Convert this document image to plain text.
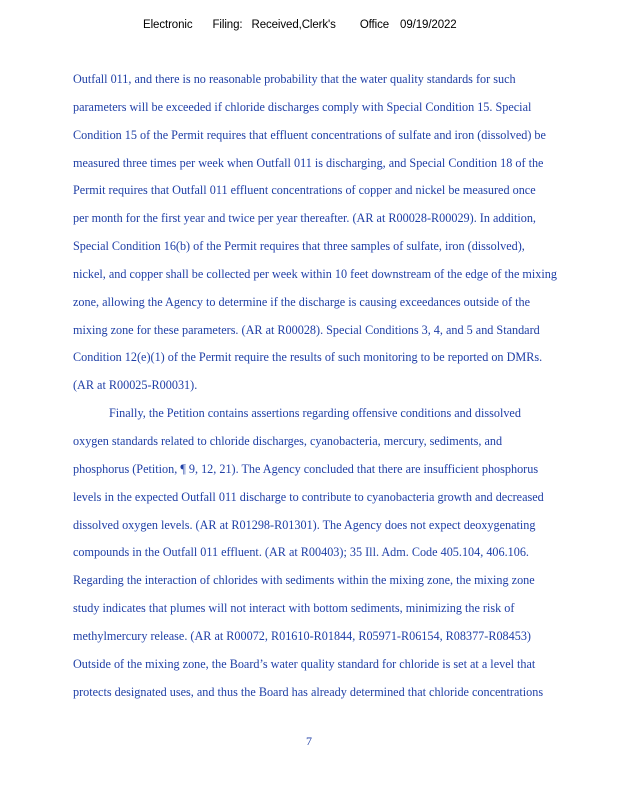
Electronic Filing: Received,Clerk's Office 09/19/2022
Outfall 011, and there is no reasonable probability that the water quality standards for such
parameters will be exceeded if chloride discharges comply with Special Condition 15. Special
Condition 15 of the Permit requires that effluent concentrations of sulfate and iron (dissolved) be
measured three times per week when Outfall 011 is discharging, and Special Condition 18 of the
Permit requires that Outfall 011 effluent concentrations of copper and nickel be measured once
per month for the first year and twice per year thereafter. (AR at R00028-R00029). In addition,
Special Condition 16(b) of the Permit requires that three samples of sulfate, iron (dissolved),
nickel, and copper shall be collected per week within 10 feet downstream of the edge of the mixing
zone, allowing the Agency to determine if the discharge is causing exceedances outside of the
mixing zone for these parameters. (AR at R00028). Special Conditions 3, 4, and 5 and Standard
Condition 12(e)(1) of the Permit require the results of such monitoring to be reported on DMRs.
(AR at R00025-R00031).
Finally, the Petition contains assertions regarding offensive conditions and dissolved
oxygen standards related to chloride discharges, cyanobacteria, mercury, sediments, and
phosphorus (Petition, ¶ 9, 12, 21). The Agency concluded that there are insufficient phosphorus
levels in the expected Outfall 011 discharge to contribute to cyanobacteria growth and decreased
dissolved oxygen levels. (AR at R01298-R01301). The Agency does not expect deoxygenating
compounds in the Outfall 011 effluent. (AR at R00403); 35 Ill. Adm. Code 405.104, 406.106.
Regarding the interaction of chlorides with sediments within the mixing zone, the mixing zone
study indicates that plumes will not interact with bottom sediments, minimizing the risk of
methylmercury release. (AR at R00072, R01610-R01844, R05971-R06154, R08377-R08453)
Outside of the mixing zone, the Board’s water quality standard for chloride is set at a level that
protects designated uses, and thus the Board has already determined that chloride concentrations
7
